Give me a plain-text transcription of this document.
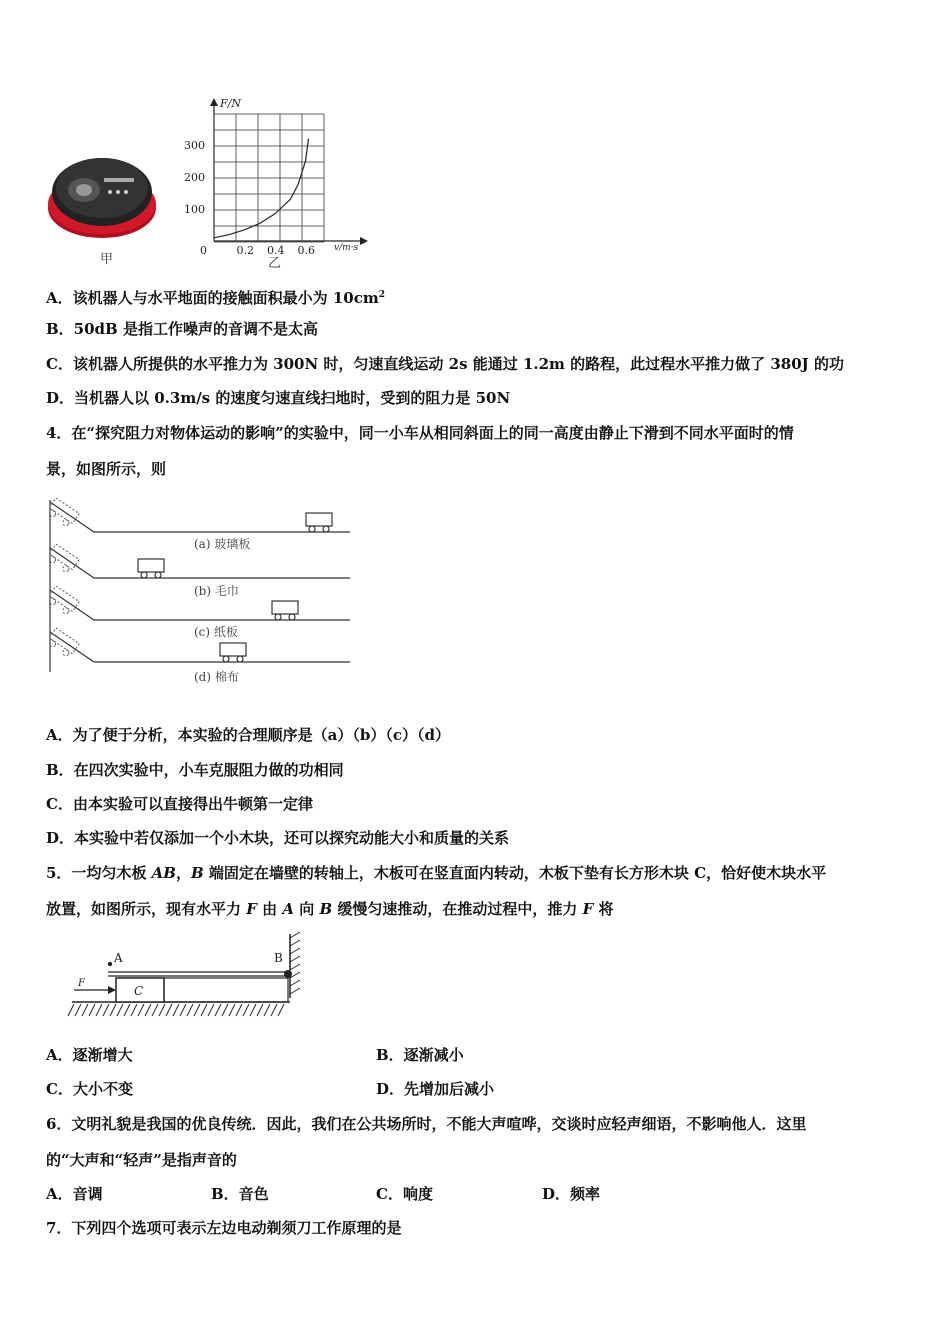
甲
100
200
300
0	0.2 0.4 0.6
F/N
v/m·s
乙
A．该机器人与水平地面的接触面积最小为 $10cm^2$
B．50dB 是指工作噪声的音调不是太高
C．该机器人所提供的水平推力为 300N 时，匀速直线运动 2s 能通过 1.2m 的路程，此过程水平推力做了 380J 的功
D．当机器人以 0.3m/s 的速度匀速直线扫地时，受到的阻力是 50N
4．在“探究阻力对物体运动的影响”的实验中，同一小车从相同斜面上的同一高度由静止下滑到不同水平面时的情
景，如图所示，则
(a) 玻璃板
(b) 毛巾
(c) 纸板
(d) 棉布
A．为了便于分析，本实验的合理顺序是（a）（b）（c）（d）
B．在四次实验中，小车克服阻力做的功相同
C．由本实验可以直接得出牛顿第一定律
D．本实验中若仅添加一个小木块，还可以探究动能大小和质量的关系
5．一均匀木板 AB，B 端固定在墙壁的转轴上，木板可在竖直面内转动，木板下垫有长方形木块 C，恰好使木块水平
放置，如图所示，现有水平力 F 由 A 向 B 缓慢匀速推动，在推动过程中，推力 F 将
A	B
C
F
A．逐渐增大	B．逐渐减小
C．大小不变	D．先增加后减小
6．文明礼貌是我国的优良传统．因此，我们在公共场所时，不能大声喧哗，交谈时应轻声细语，不影响他人．这里
的“大声和“轻声”是指声音的
A．音调	B．音色	C．响度	D．频率
7．下列四个选项可表示左边电动剃须刀工作原理的是
